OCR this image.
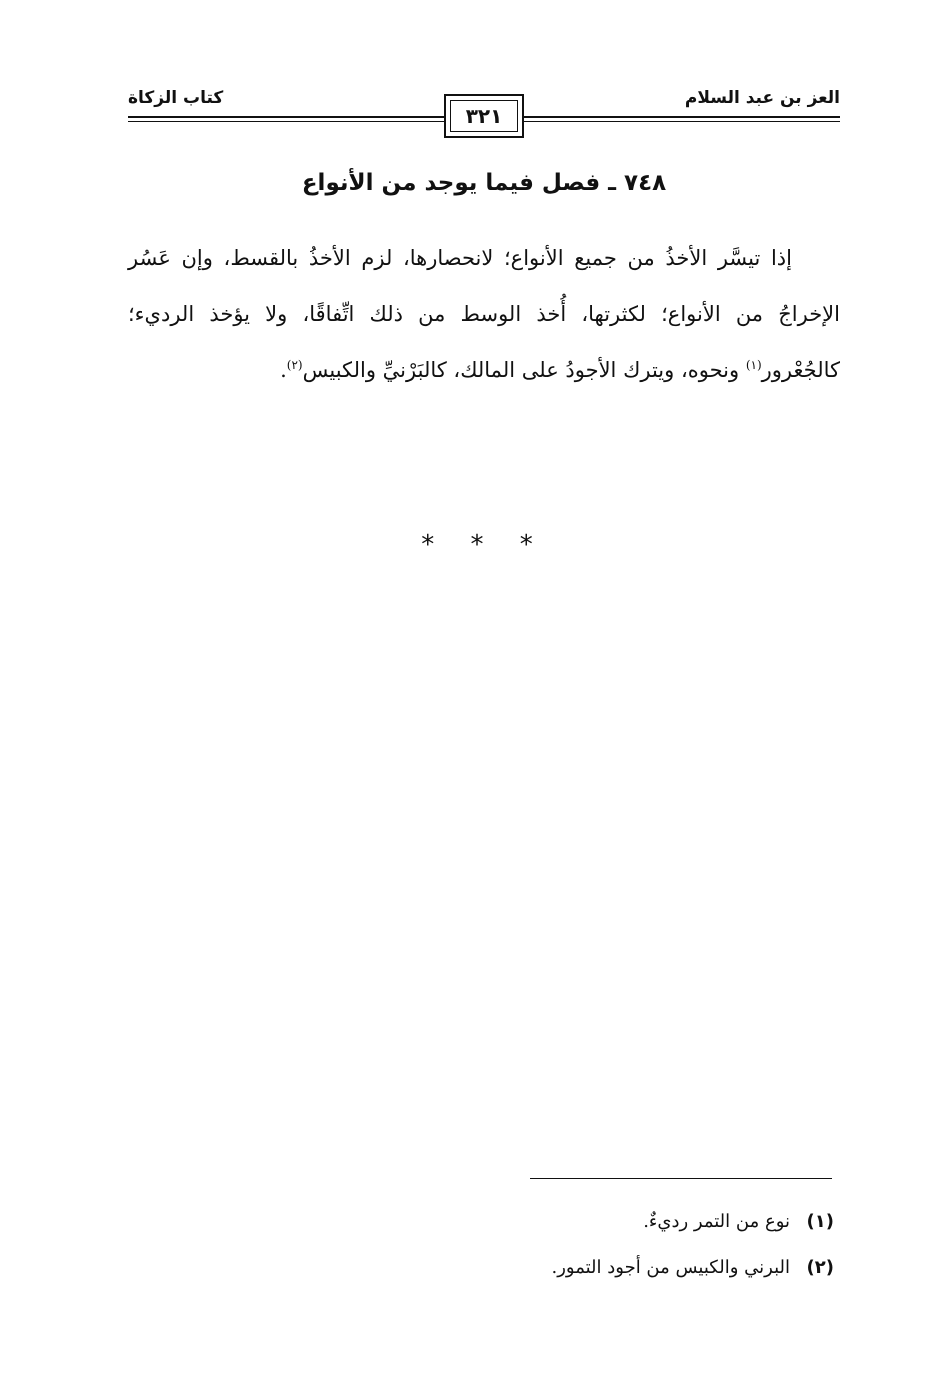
العز بن عبد السلام
كتاب الزكاة
٣٢١
٧٤٨ ـ فصل فيما يوجد من الأنواع
إذا تيسَّر الأخذُ من جميع الأنواع؛ لانحصارها، لزم الأخذُ بالقسط، وإن عَسُر الإخراجُ من الأنواع؛ لكثرتها، أُخذ الوسط من ذلك اتِّفاقًا، ولا يؤخذ الرديء؛ كالجُعْرور$^{(١)}$ ونحوه، ويترك الأجودُ على المالك، كالبَرْنيِّ والكبيس$^{(٢)}$.
* * *
(١)
نوع من التمر رديءٌ.
(٢)
البرني والكبيس من أجود التمور.
